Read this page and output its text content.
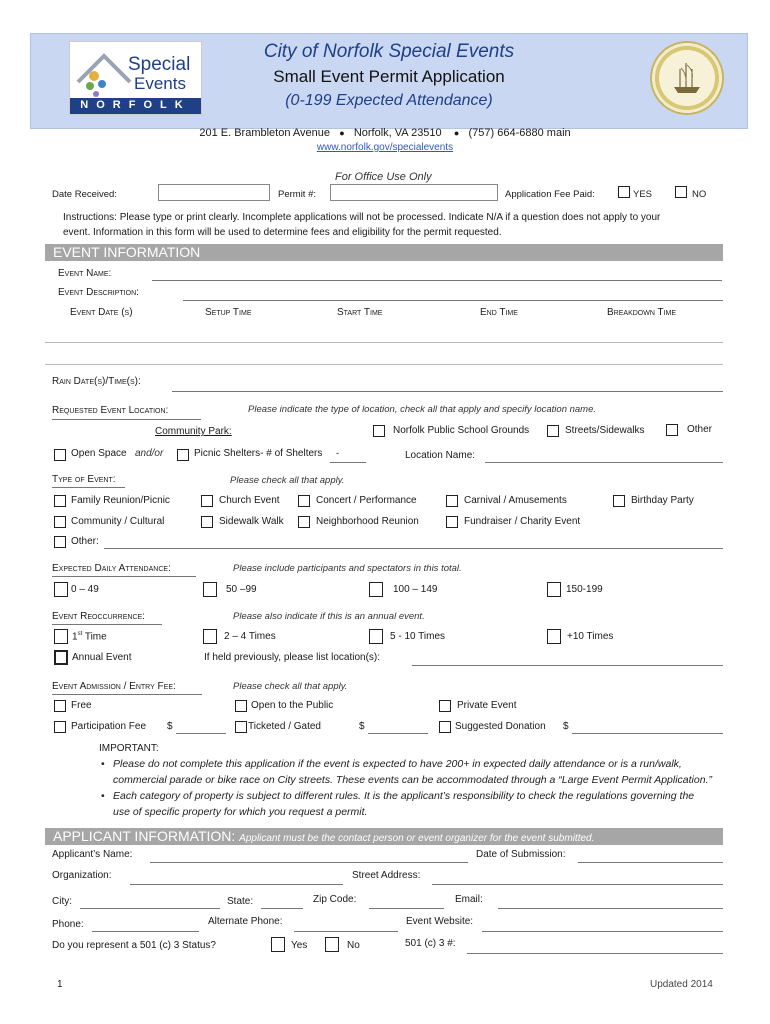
Special
Events
NORFOLK
City of Norfolk Special Events
Small Event Permit Application
(0-199 Expected Attendance)
201 E. Brambleton Avenue ● Norfolk, VA 23510 ● (757) 664-6880 main
www.norfolk.gov/specialevents
For Office Use Only
Date Received:	Permit #:	Application Fee Paid:	YES	NO
Instructions: Please type or print clearly. Incomplete applications will not be processed. Indicate N/A if a question does not apply to your
event. Information in this form will be used to determine fees and eligibility for the permit requested.
EVENT INFORMATION
Event Name:
Event Description:
Event Date (s)	Setup Time	Start Time	End Time	Breakdown Time
Rain Date(s)/Time(s):
Requested Event Location:	Please indicate the type of location, check all that apply and specify location name.
Community Park:	Norfolk Public School Grounds	Streets/Sidewalks	Other
Open Space and/or	Picnic Shelters- # of Shelters -	Location Name:
Type of Event:	Please check all that apply.
Family Reunion/Picnic	Church Event	Concert / Performance	Carnival / Amusements	Birthday Party
Community / Cultural	Sidewalk Walk	Neighborhood Reunion	Fundraiser / Charity Event
Other:
Expected Daily Attendance:	Please include participants and spectators in this total.
0 – 49	50 –99	100 – 149	150-199
Event Reoccurrence:	Please also indicate if this is an annual event.
1st Time	2 – 4 Times	5 - 10 Times	+10 Times
Annual Event	If held previously, please list location(s):
Event Admission / Entry Fee:	Please check all that apply.
Free	Open to the Public	Private Event
Participation Fee $	Ticketed / Gated	$	Suggested Donation $
IMPORTANT:
• Please do not complete this application if the event is expected to have 200+ in expected daily attendance or is a run/walk,
commercial parade or bike race on City streets. These events can be accommodated through a “Large Event Permit Application.”
• Each category of property is subject to different rules. It is the applicant’s responsibility to check the regulations governing the
use of specific property for which you request a permit.
APPLICANT INFORMATION: Applicant must be the contact person or event organizer for the event submitted.
Applicant’s Name:	Date of Submission:
Organization:	Street Address:
City:	State:	Zip Code:	Email:
Phone:	Alternate Phone:	Event Website:
Do you represent a 501 (c) 3 Status?	Yes	No	501 (c) 3 #:
1	Updated 2014
